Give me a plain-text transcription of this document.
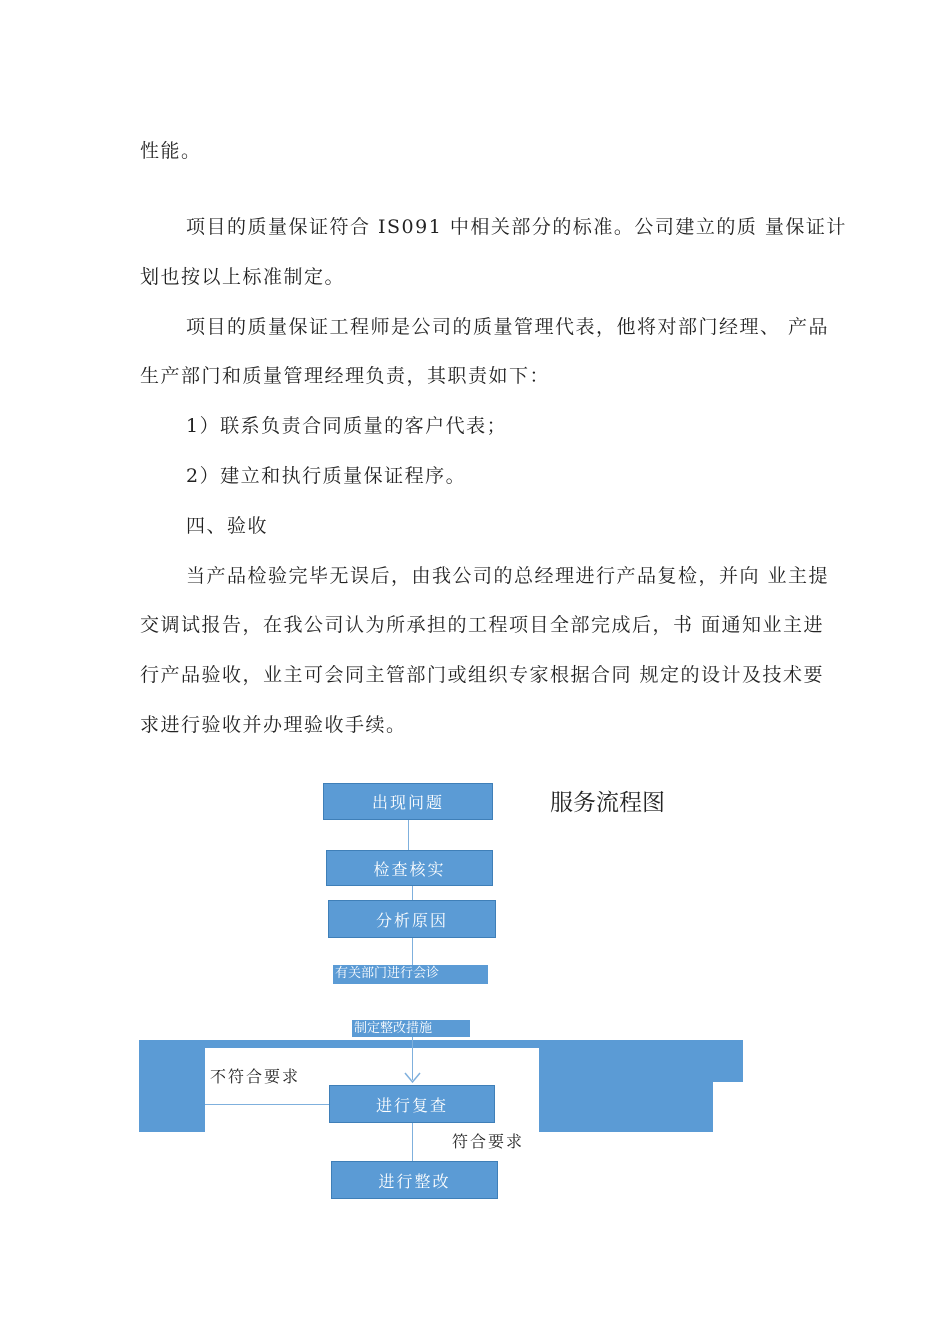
性能。
项目的质量保证符合 IS091 中相关部分的标准。公司建立的质 量保证计
划也按以上标准制定。
项目的质量保证工程师是公司的质量管理代表，他将对部门经理、 产品
生产部门和质量管理经理负责，其职责如下：
1）联系负责合同质量的客户代表；
2）建立和执行质量保证程序。
四、验收
当产品检验完毕无误后，由我公司的总经理进行产品复检，并向 业主提
交调试报告，在我公司认为所承担的工程项目全部完成后，书 面通知业主进
行产品验收，业主可会同主管部门或组织专家根据合同 规定的设计及技术要
求进行验收并办理验收手续。
服务流程图
出现问题
检查核实
分析原因
有关部门进行会诊
制定整改措施
不符合要求
进行复查
符合要求
进行整改
